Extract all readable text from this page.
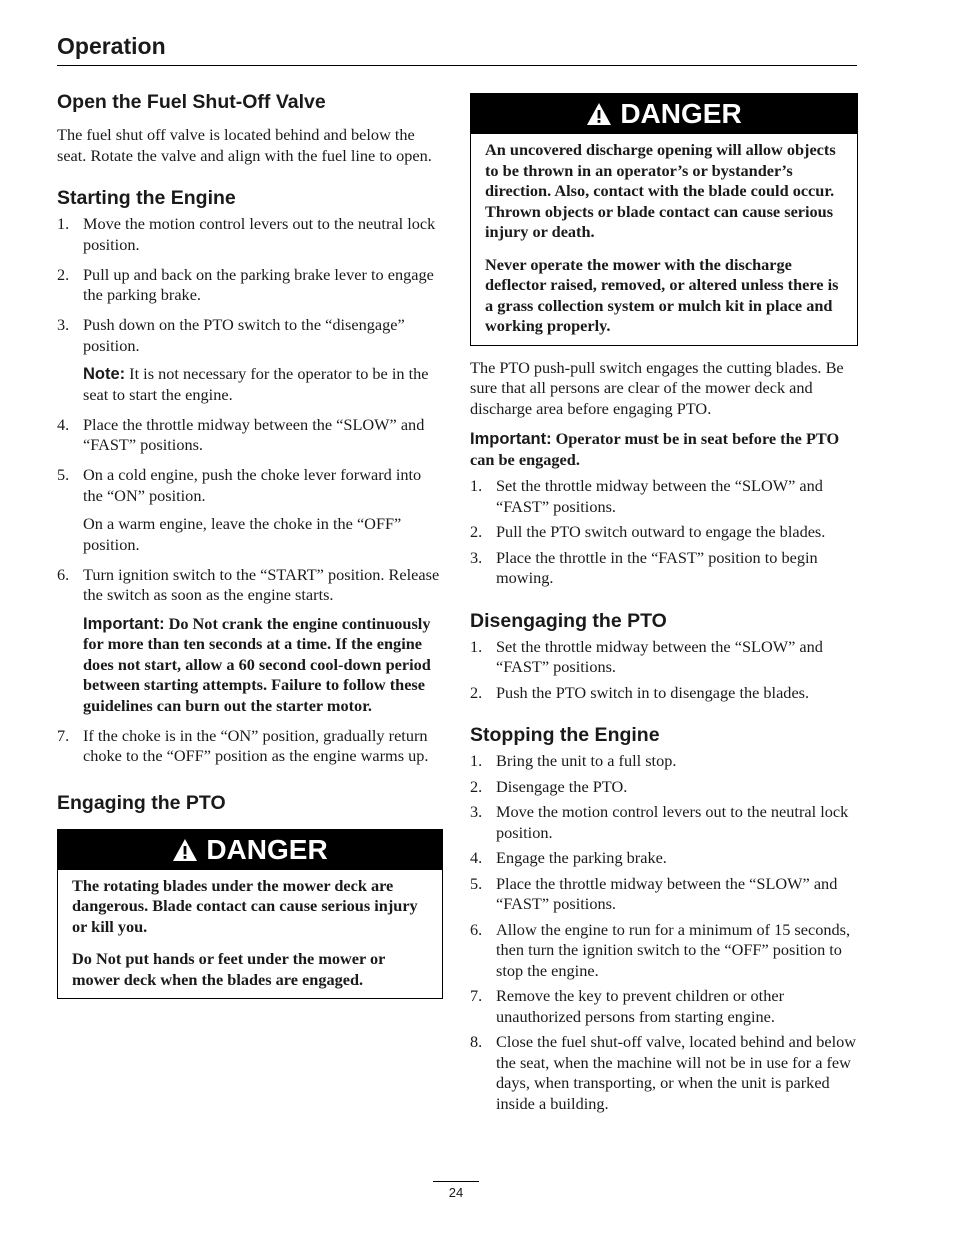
Operation
Open the Fuel Shut-Off Valve

The fuel shut off valve is located behind and below the seat. Rotate the valve and align with the fuel line to open.

Starting the Engine
1. Move the motion control levers out to the neutral lock position.
2. Pull up and back on the parking brake lever to engage the parking brake.
3. Push down on the PTO switch to the “disengage” position.

Note: It is not necessary for the operator to be in the seat to start the engine.

4. Place the throttle midway between the “SLOW” and “FAST” positions.
5. On a cold engine, push the choke lever forward into the “ON” position.

On a warm engine, leave the choke in the “OFF” position.

6. Turn ignition switch to the “START” position. Release the switch as soon as the engine starts.

Important: Do Not crank the engine continuously for more than ten seconds at a time. If the engine does not start, allow a 60 second cool-down period between starting attempts. Failure to follow these guidelines can burn out the starter motor.

7. If the choke is in the “ON” position, gradually return choke to the “OFF” position as the engine warms up.
Engaging the PTO
DANGER

The rotating blades under the mower deck are dangerous. Blade contact can cause serious injury or kill you.

Do Not put hands or feet under the mower or mower deck when the blades are engaged.

DANGER

An uncovered discharge opening will allow objects to be thrown in an operator’s or bystander’s direction. Also, contact with the blade could occur. Thrown objects or blade contact can cause serious injury or death.

Never operate the mower with the discharge deflector raised, removed, or altered unless there is a grass collection system or mulch kit in place and working properly.

The PTO push-pull switch engages the cutting blades. Be sure that all persons are clear of the mower deck and discharge area before engaging PTO.

Important: Operator must be in seat before the PTO can be engaged.

1. Set the throttle midway between the “SLOW” and “FAST” positions.
2. Pull the PTO switch outward to engage the blades.
3. Place the throttle in the “FAST” position to begin mowing.
Disengaging the PTO
1. Set the throttle midway between the “SLOW” and “FAST” positions.
2. Push the PTO switch in to disengage the blades.
Stopping the Engine
1. Bring the unit to a full stop.
2. Disengage the PTO.
3. Move the motion control levers out to the neutral lock position.
4. Engage the parking brake.
5. Place the throttle midway between the “SLOW” and “FAST” positions.
6. Allow the engine to run for a minimum of 15 seconds, then turn the ignition switch to the “OFF” position to stop the engine.
7. Remove the key to prevent children or other unauthorized persons from starting engine.
8. Close the fuel shut-off valve, located behind and below the seat, when the machine will not be in use for a few days, when transporting, or when the unit is parked inside a building.
24
